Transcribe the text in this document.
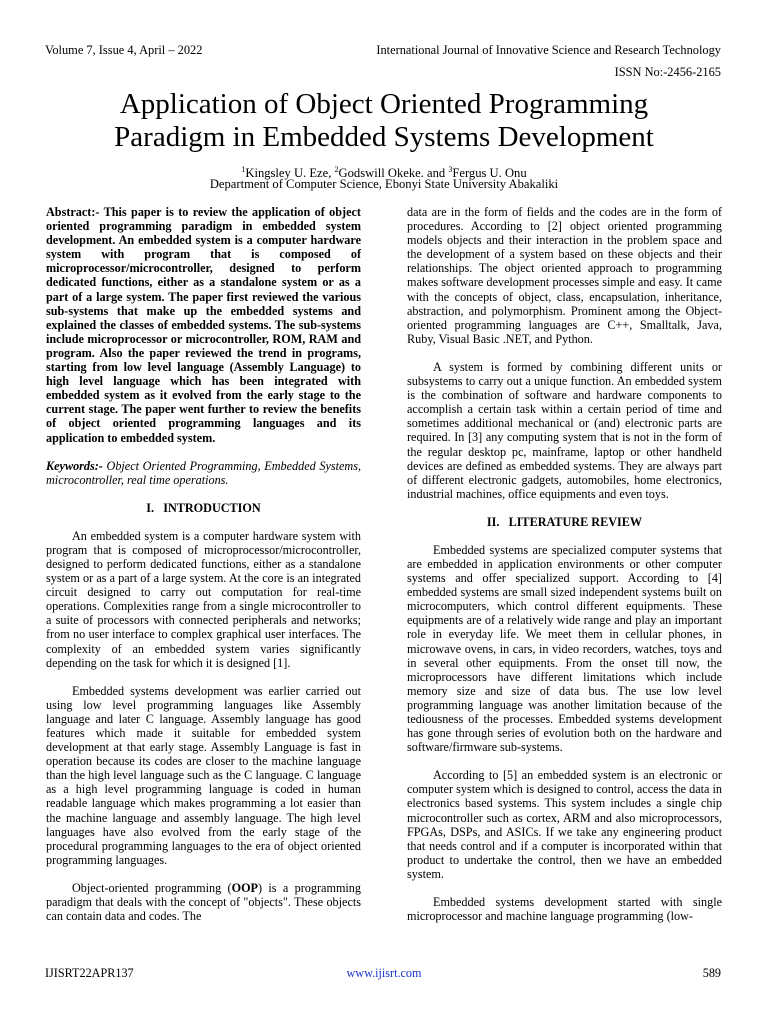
Volume 7, Issue 4, April – 2022	International Journal of Innovative Science and Research Technology
ISSN No:-2456-2165
Application of Object Oriented Programming
Paradigm in Embedded Systems Development
$^1$Kingsley U. Eze, $^2$Godswill Okeke. and $^3$Fergus U. Onu
Department of Computer Science, Ebonyi State University Abakaliki

Abstract:- This paper is to review the application of object oriented programming paradigm in embedded system development. An embedded system is a computer hardware system with program that is composed of microprocessor/microcontroller, designed to perform dedicated functions, either as a standalone system or as a part of a large system. The paper first reviewed the various sub-systems that make up the embedded systems and explained the classes of embedded systems. The sub-systems include microprocessor or microcontroller, ROM, RAM and program. Also the paper reviewed the trend in programs, starting from low level language (Assembly Language) to high level language which has been integrated with embedded system as it evolved from the early stage to the current stage. The paper went further to review the benefits of object oriented programming languages and its application to embedded system.

Keywords:- Object Oriented Programming, Embedded Systems, microcontroller, real time operations.

I.   INTRODUCTION

An embedded system is a computer hardware system with program that is composed of microprocessor/microcontroller, designed to perform dedicated functions, either as a standalone system or as a part of a large system. At the core is an integrated circuit designed to carry out computation for real-time operations. Complexities range from a single microcontroller to a suite of processors with connected peripherals and networks; from no user interface to complex graphical user interfaces. The complexity of an embedded system varies significantly depending on the task for which it is designed [1].

Embedded systems development was earlier carried out using low level programming languages like Assembly language and later C language. Assembly language has good features which made it suitable for embedded system development at that early stage. Assembly Language is fast in operation because its codes are closer to the machine language than the high level language such as the C language. C language as a high level programming language is coded in human readable language which makes programming a lot easier than the machine language and assembly language. The high level languages have also evolved from the early stage of the procedural programming languages to the era of object oriented programming languages.

Object-oriented programming (OOP) is a programming paradigm that deals with the concept of "objects". These objects can contain data and codes. The

data are in the form of fields and the codes are in the form of procedures. According to [2] object oriented programming models objects and their interaction in the problem space and the development of a system based on these objects and their relationships. The object oriented approach to programming makes software development processes simple and easy. It came with the concepts of object, class, encapsulation, inheritance, abstraction, and polymorphism. Prominent among the Object-oriented programming languages are C++, Smalltalk, Java, Ruby, Visual Basic .NET, and Python.

A system is formed by combining different units or subsystems to carry out a unique function. An embedded system is the combination of software and hardware components to accomplish a certain task within a certain period of time and sometimes additional mechanical or (and) electronic parts are required. In [3] any computing system that is not in the form of the regular desktop pc, mainframe, laptop or other handheld devices are defined as embedded systems. They are always part of different electronic gadgets, automobiles, home electronics, industrial machines, office equipments and even toys.

II.   LITERATURE REVIEW

Embedded systems are specialized computer systems that are embedded in application environments or other computer systems and offer specialized support. According to [4] embedded systems are small sized independent systems built on microcomputers, which control different equipments. These equipments are of a relatively wide range and play an important role in everyday life. We meet them in cellular phones, in microwave ovens, in cars, in video recorders, watches, toys and in several other equipments. From the onset till now, the microprocessors have different limitations which include memory size and size of data bus. The use low level programming language was another limitation because of the tediousness of the processes. Embedded systems development has gone through series of evolution both on the hardware and software/firmware sub-systems.

According to [5] an embedded system is an electronic or computer system which is designed to control, access the data in electronics based systems. This system includes a single chip microcontroller such as cortex, ARM and also microprocessors, FPGAs, DSPs, and ASICs. If we take any engineering product that needs control and if a computer is incorporated within that product to undertake the control, then we have an embedded system.

Embedded systems development started with single microprocessor and machine language programming (low-

IJISRT22APR137	www.ijisrt.com	589
